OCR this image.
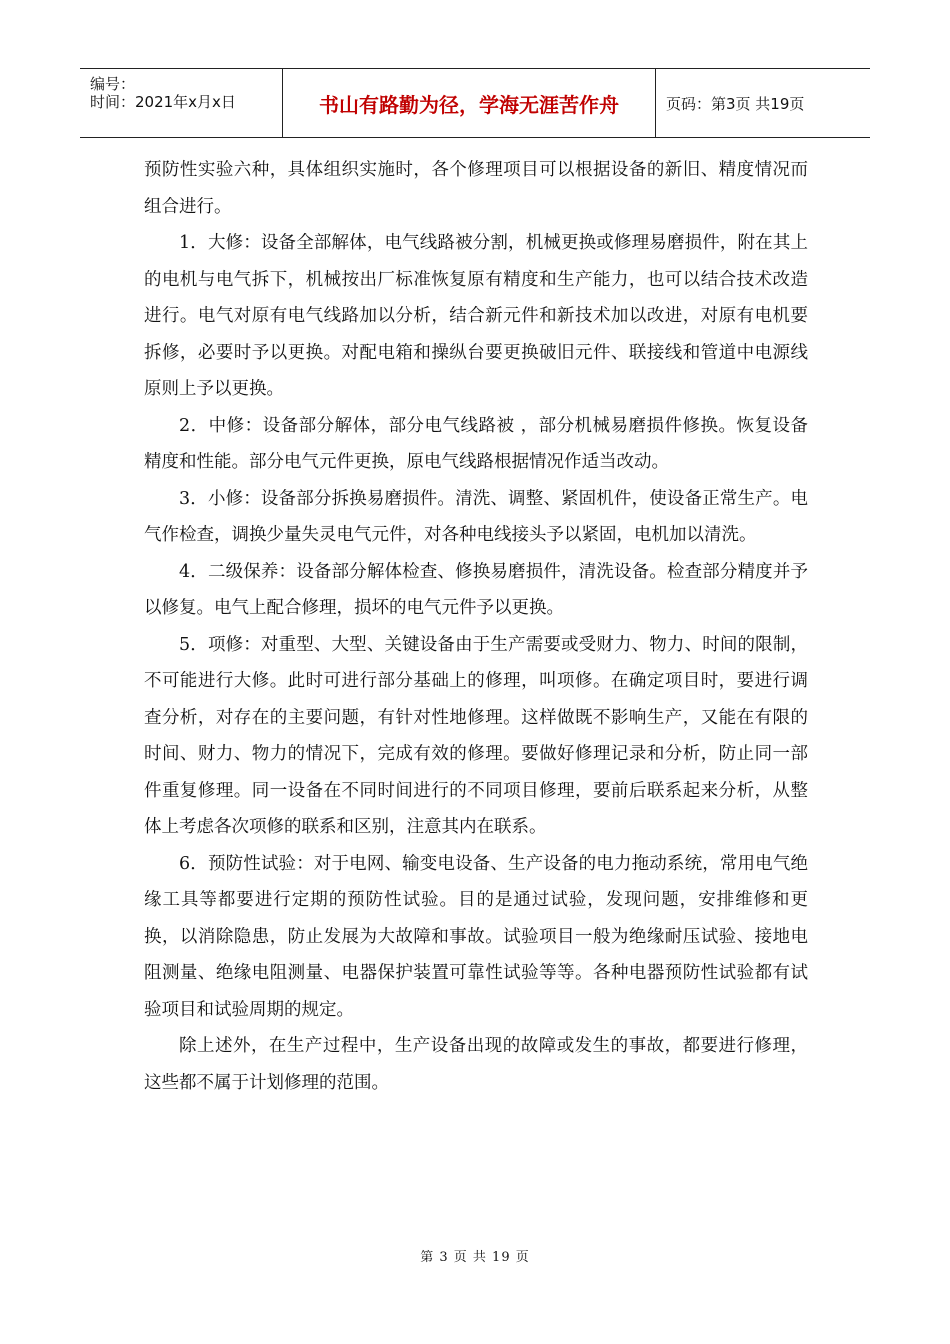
编号：
时间：2021年x月x日	书山有路勤为径，学海无涯苦作舟	页码：第3页 共19页

预防性实验六种，具体组织实施时，各个修理项目可以根据设备的新旧、精度情况而组合进行。

1．大修：设备全部解体，电气线路被分割，机械更换或修理易磨损件，附在其上的电机与电气拆下，机械按出厂标准恢复原有精度和生产能力，也可以结合技术改造进行。电气对原有电气线路加以分析，结合新元件和新技术加以改进，对原有电机要拆修，必要时予以更换。对配电箱和操纵台要更换破旧元件、联接线和管道中电源线原则上予以更换。

2．中修：设备部分解体，部分电气线路被 ，部分机械易磨损件修换。恢复设备精度和性能。部分电气元件更换，原电气线路根据情况作适当改动。

3．小修：设备部分拆换易磨损件。清洗、调整、紧固机件，使设备正常生产。电气作检查，调换少量失灵电气元件，对各种电线接头予以紧固，电机加以清洗。

4．二级保养：设备部分解体检查、修换易磨损件，清洗设备。检查部分精度并予以修复。电气上配合修理，损坏的电气元件予以更换。

5．项修：对重型、大型、关键设备由于生产需要或受财力、物力、时间的限制，不可能进行大修。此时可进行部分基础上的修理，叫项修。在确定项目时，要进行调查分析，对存在的主要问题，有针对性地修理。这样做既不影响生产，又能在有限的时间、财力、物力的情况下，完成有效的修理。要做好修理记录和分析，防止同一部件重复修理。同一设备在不同时间进行的不同项目修理，要前后联系起来分析，从整体上考虑各次项修的联系和区别，注意其内在联系。

6．预防性试验：对于电网、输变电设备、生产设备的电力拖动系统，常用电气绝缘工具等都要进行定期的预防性试验。目的是通过试验，发现问题，安排维修和更换，以消除隐患，防止发展为大故障和事故。试验项目一般为绝缘耐压试验、接地电阻测量、绝缘电阻测量、电器保护装置可靠性试验等等。各种电器预防性试验都有试验项目和试验周期的规定。

除上述外，在生产过程中，生产设备出现的故障或发生的事故，都要进行修理，这些都不属于计划修理的范围。

第 3 页 共 19 页
